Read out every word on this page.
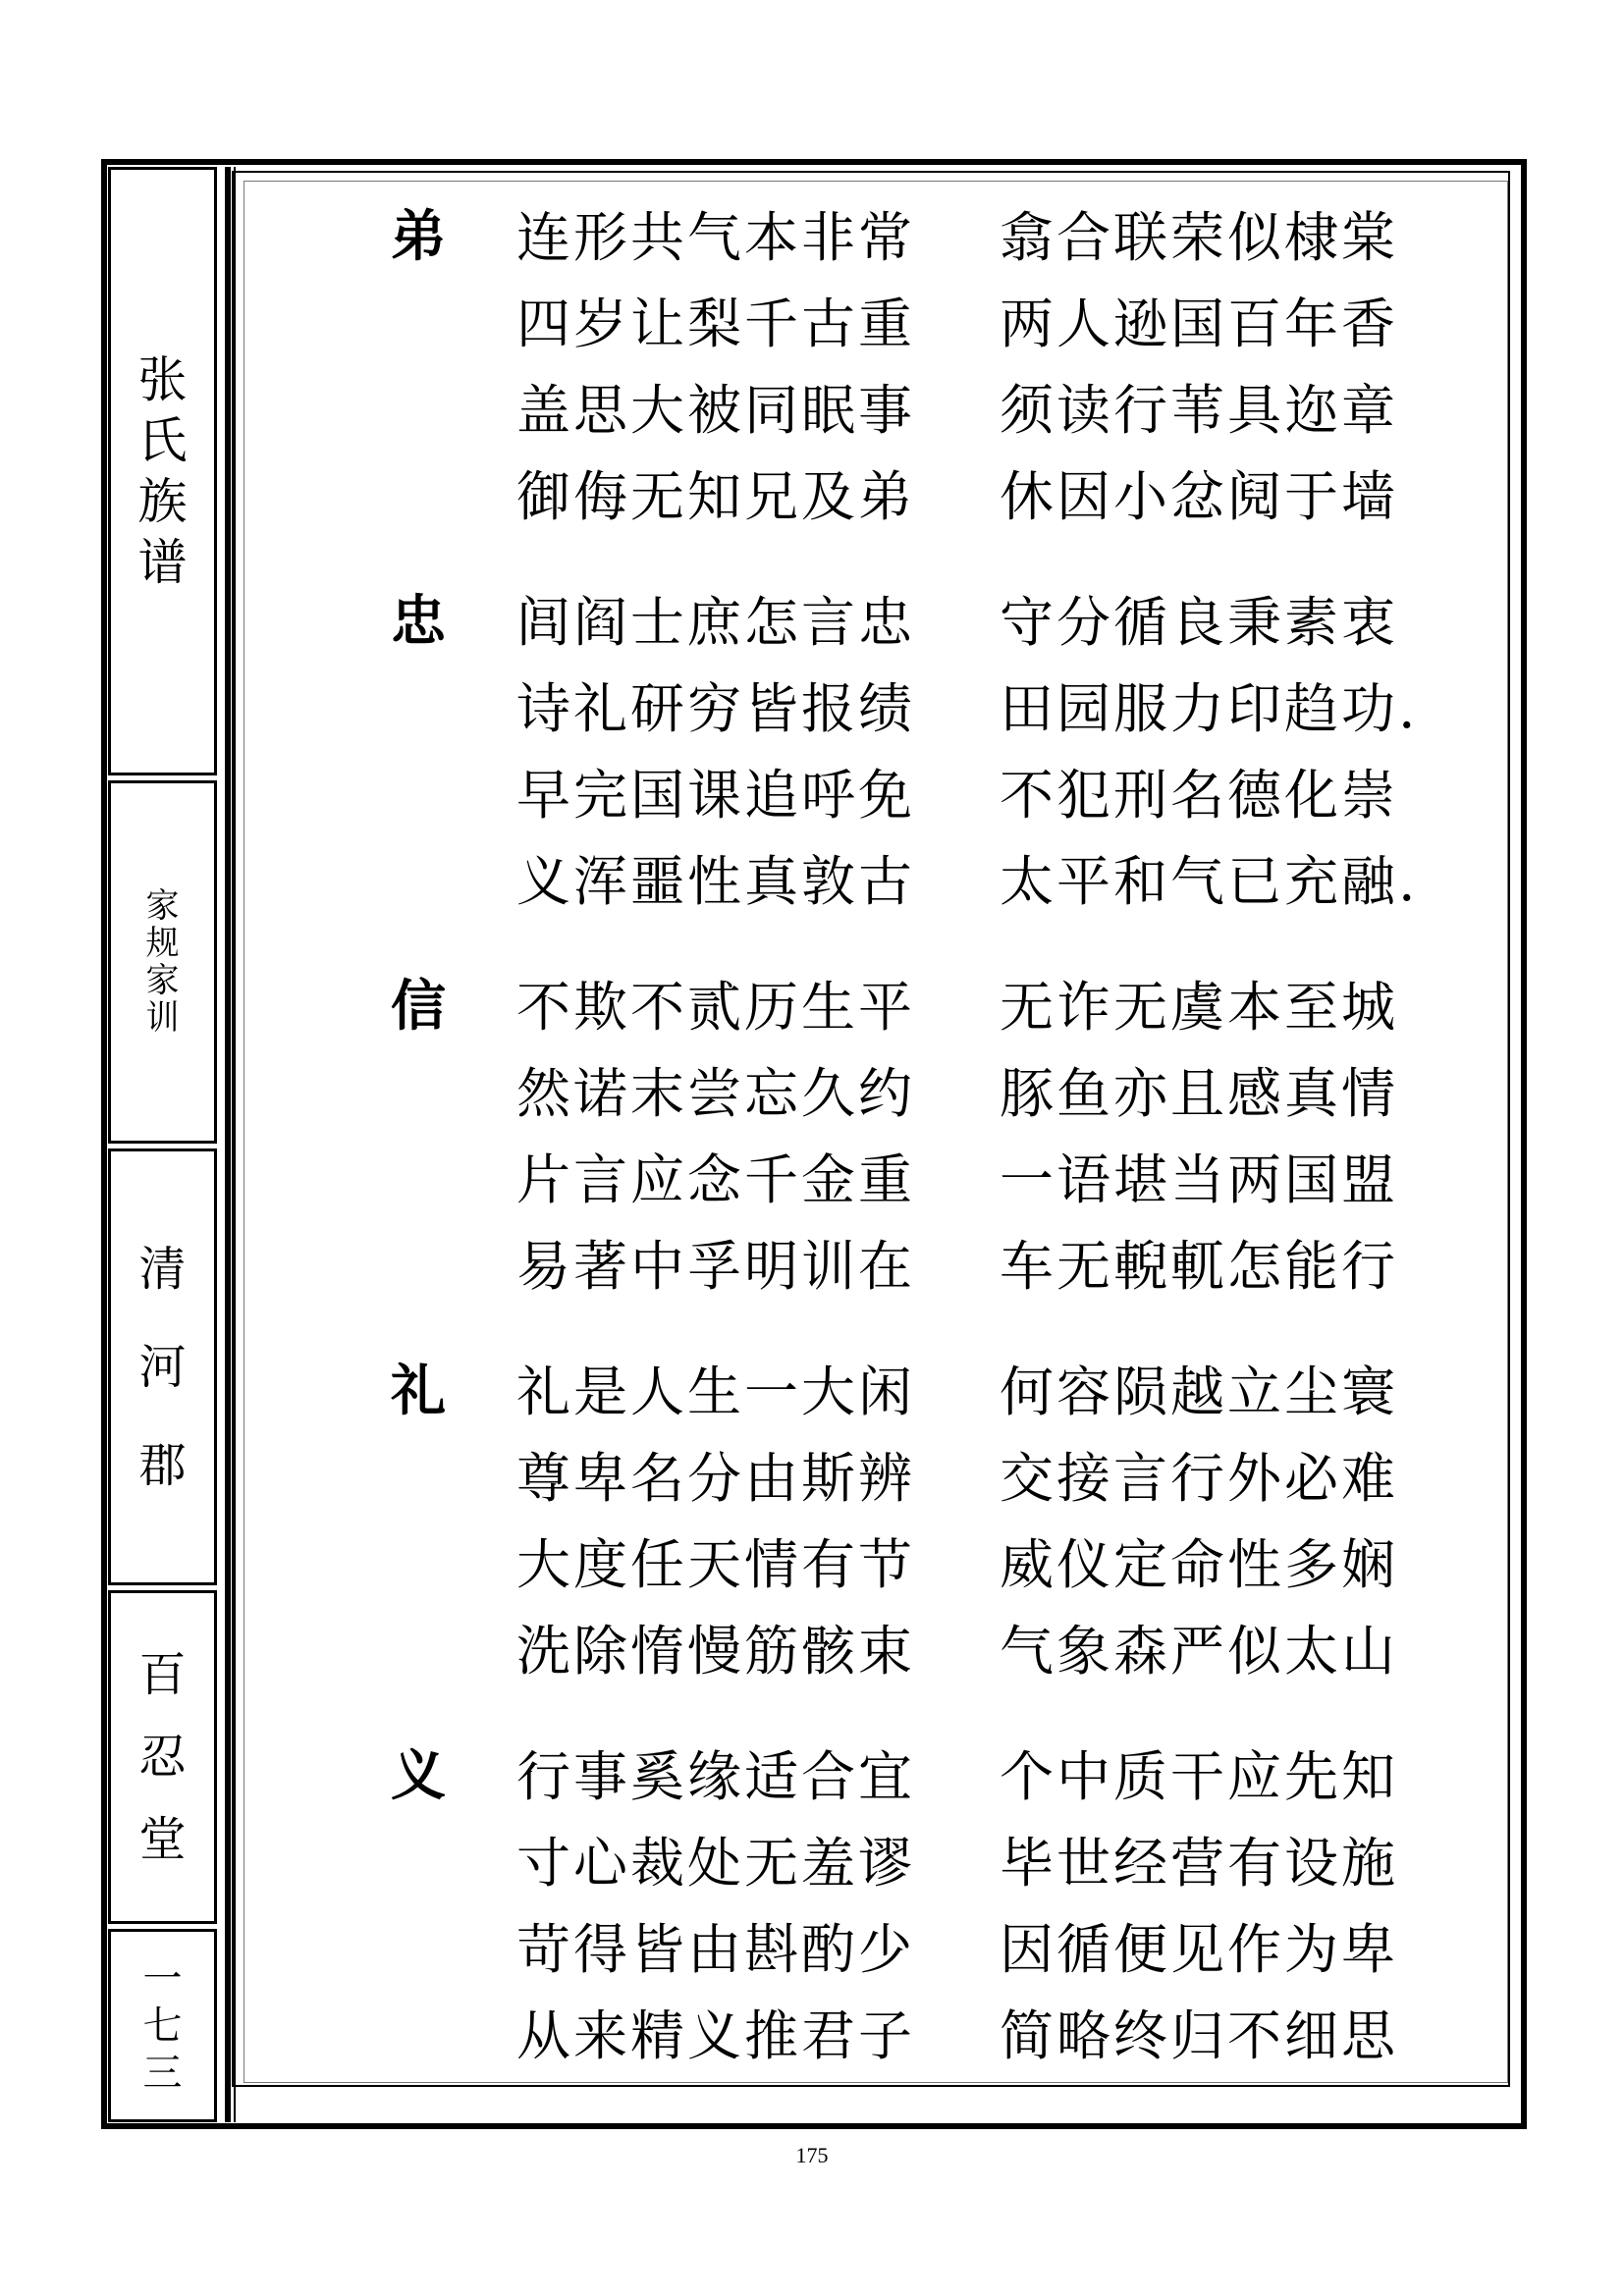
张
氏
族
谱
家
规
家
训
清
河
郡
百
忍
堂
一
七
三
弟 连形共气本非常 翕合联荣似棣棠
四岁让梨千古重 两人逊国百年香
盖思大被同眠事 须读行苇具迩章
御侮无知兄及弟 休因小忿阋于墙
忠 闾阎士庶怎言忠 守分循良秉素衷
诗礼研穷皆报绩 田园服力印趋功.
早完国课追呼免 不犯刑名德化崇
义浑噩性真敦古 太平和气已充融.
信 不欺不贰历生平 无诈无虞本至城
然诺末尝忘久约 豚鱼亦且感真情
片言应念千金重 一语堪当两国盟
易著中孚明训在 车无輗軏怎能行
礼 礼是人生一大闲 何容陨越立尘寰
尊卑名分由斯辨 交接言行外必难
大度任天情有节 威仪定命性多娴
洗除惰慢筋骸束 气象森严似太山
义 行事奚缘适合宜 个中质干应先知
寸心裁处无羞谬 毕世经营有设施
苛得皆由斟酌少 因循便见作为卑
从来精义推君子 简略终归不细思
175
